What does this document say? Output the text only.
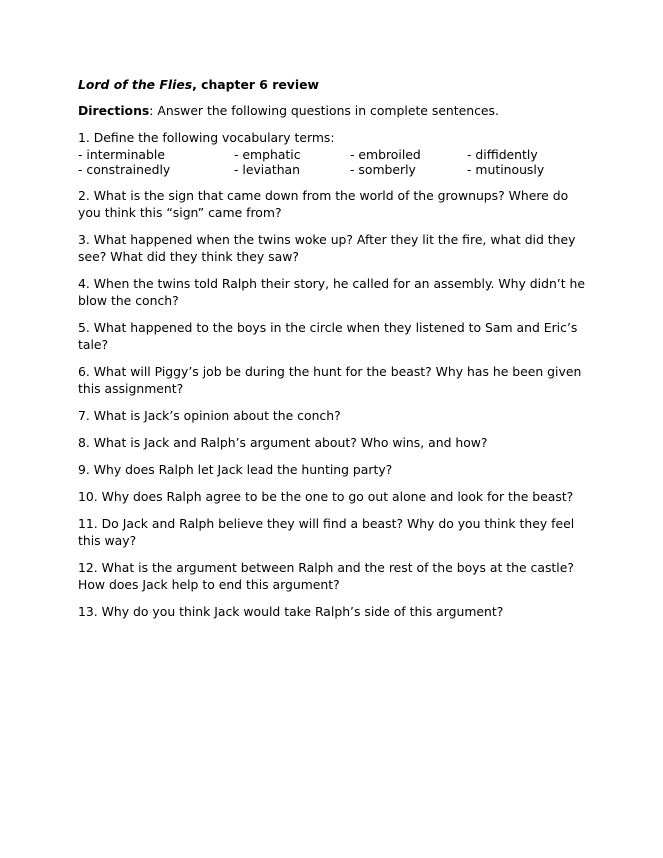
Lord of the Flies, chapter 6 review
Directions: Answer the following questions in complete sentences.
1. Define the following vocabulary terms:
- interminable	- emphatic	- embroiled	- diffidently
- constrainedly	- leviathan	- somberly	- mutinously
2. What is the sign that came down from the world of the grownups? Where do you think this “sign” came from?
3. What happened when the twins woke up? After they lit the fire, what did they see? What did they think they saw?
4. When the twins told Ralph their story, he called for an assembly. Why didn’t he blow the conch?
5. What happened to the boys in the circle when they listened to Sam and Eric’s tale?
6. What will Piggy’s job be during the hunt for the beast? Why has he been given this assignment?
7. What is Jack’s opinion about the conch?
8. What is Jack and Ralph’s argument about? Who wins, and how?
9. Why does Ralph let Jack lead the hunting party?
10. Why does Ralph agree to be the one to go out alone and look for the beast?
11. Do Jack and Ralph believe they will find a beast? Why do you think they feel this way?
12. What is the argument between Ralph and the rest of the boys at the castle? How does Jack help to end this argument?
13. Why do you think Jack would take Ralph’s side of this argument?
